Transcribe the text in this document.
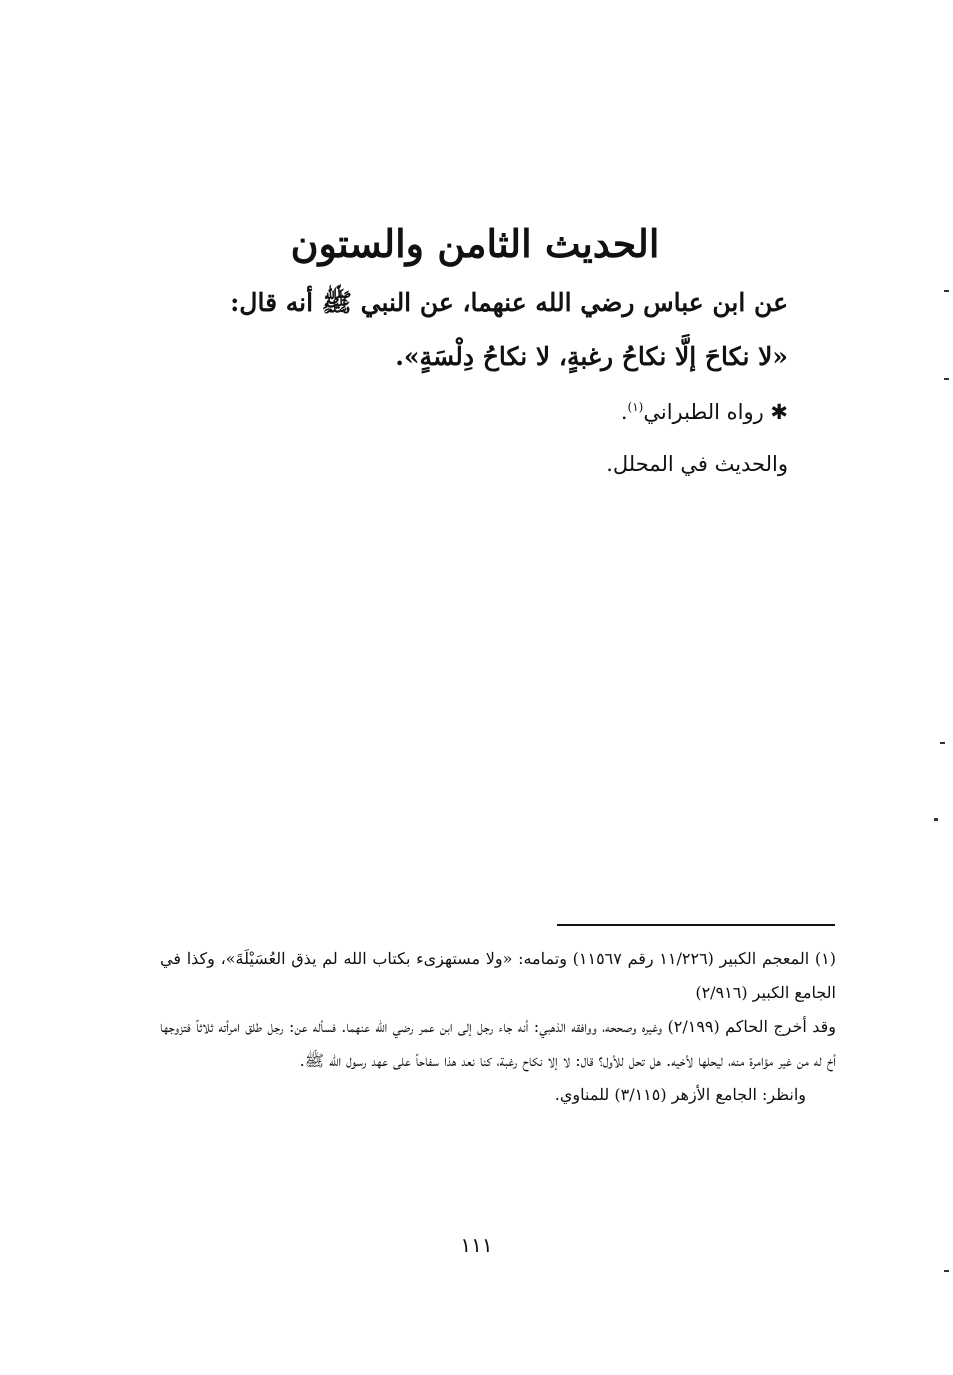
الحديث الثامن والستون
عن ابن عباس رضي الله عنهما، عن النبي ﷺ أنه قال:
«لا نكاحَ إلَّا نكاحُ رغبةٍ، لا نكاحُ دِلْسَةٍ».
✱ رواه الطبراني$^{(١)}$.
والحديث في المحلل.

(١) المعجم الكبير (١١/٢٢٦ رقم ١١٥٦٧) وتمامه: «ولا مستهزىء بكتاب الله لم يذق العُسَيْلَةَ»، وكذا في الجامع الكبير (٢/٩١٦)

وقد أخرج الحاكم (٢/١٩٩) وغيره وصححه، ووافقه الذهبي: أنه جاء رجل إلى ابن عمر رضي الله عنهما. فسأله عن: رجل طلق امرأته ثلاثاً فتزوجها أخ له من غير مؤامرة منه، ليحلها لأخيه. هل تحل للأول؟ قال: لا إلا نكاح رغبة، كنا نعد هذا سفاحاً على عهد رسول الله ﷺ.

وانظر: الجامع الأزهر (٣/١١٥) للمناوي.

١١١
